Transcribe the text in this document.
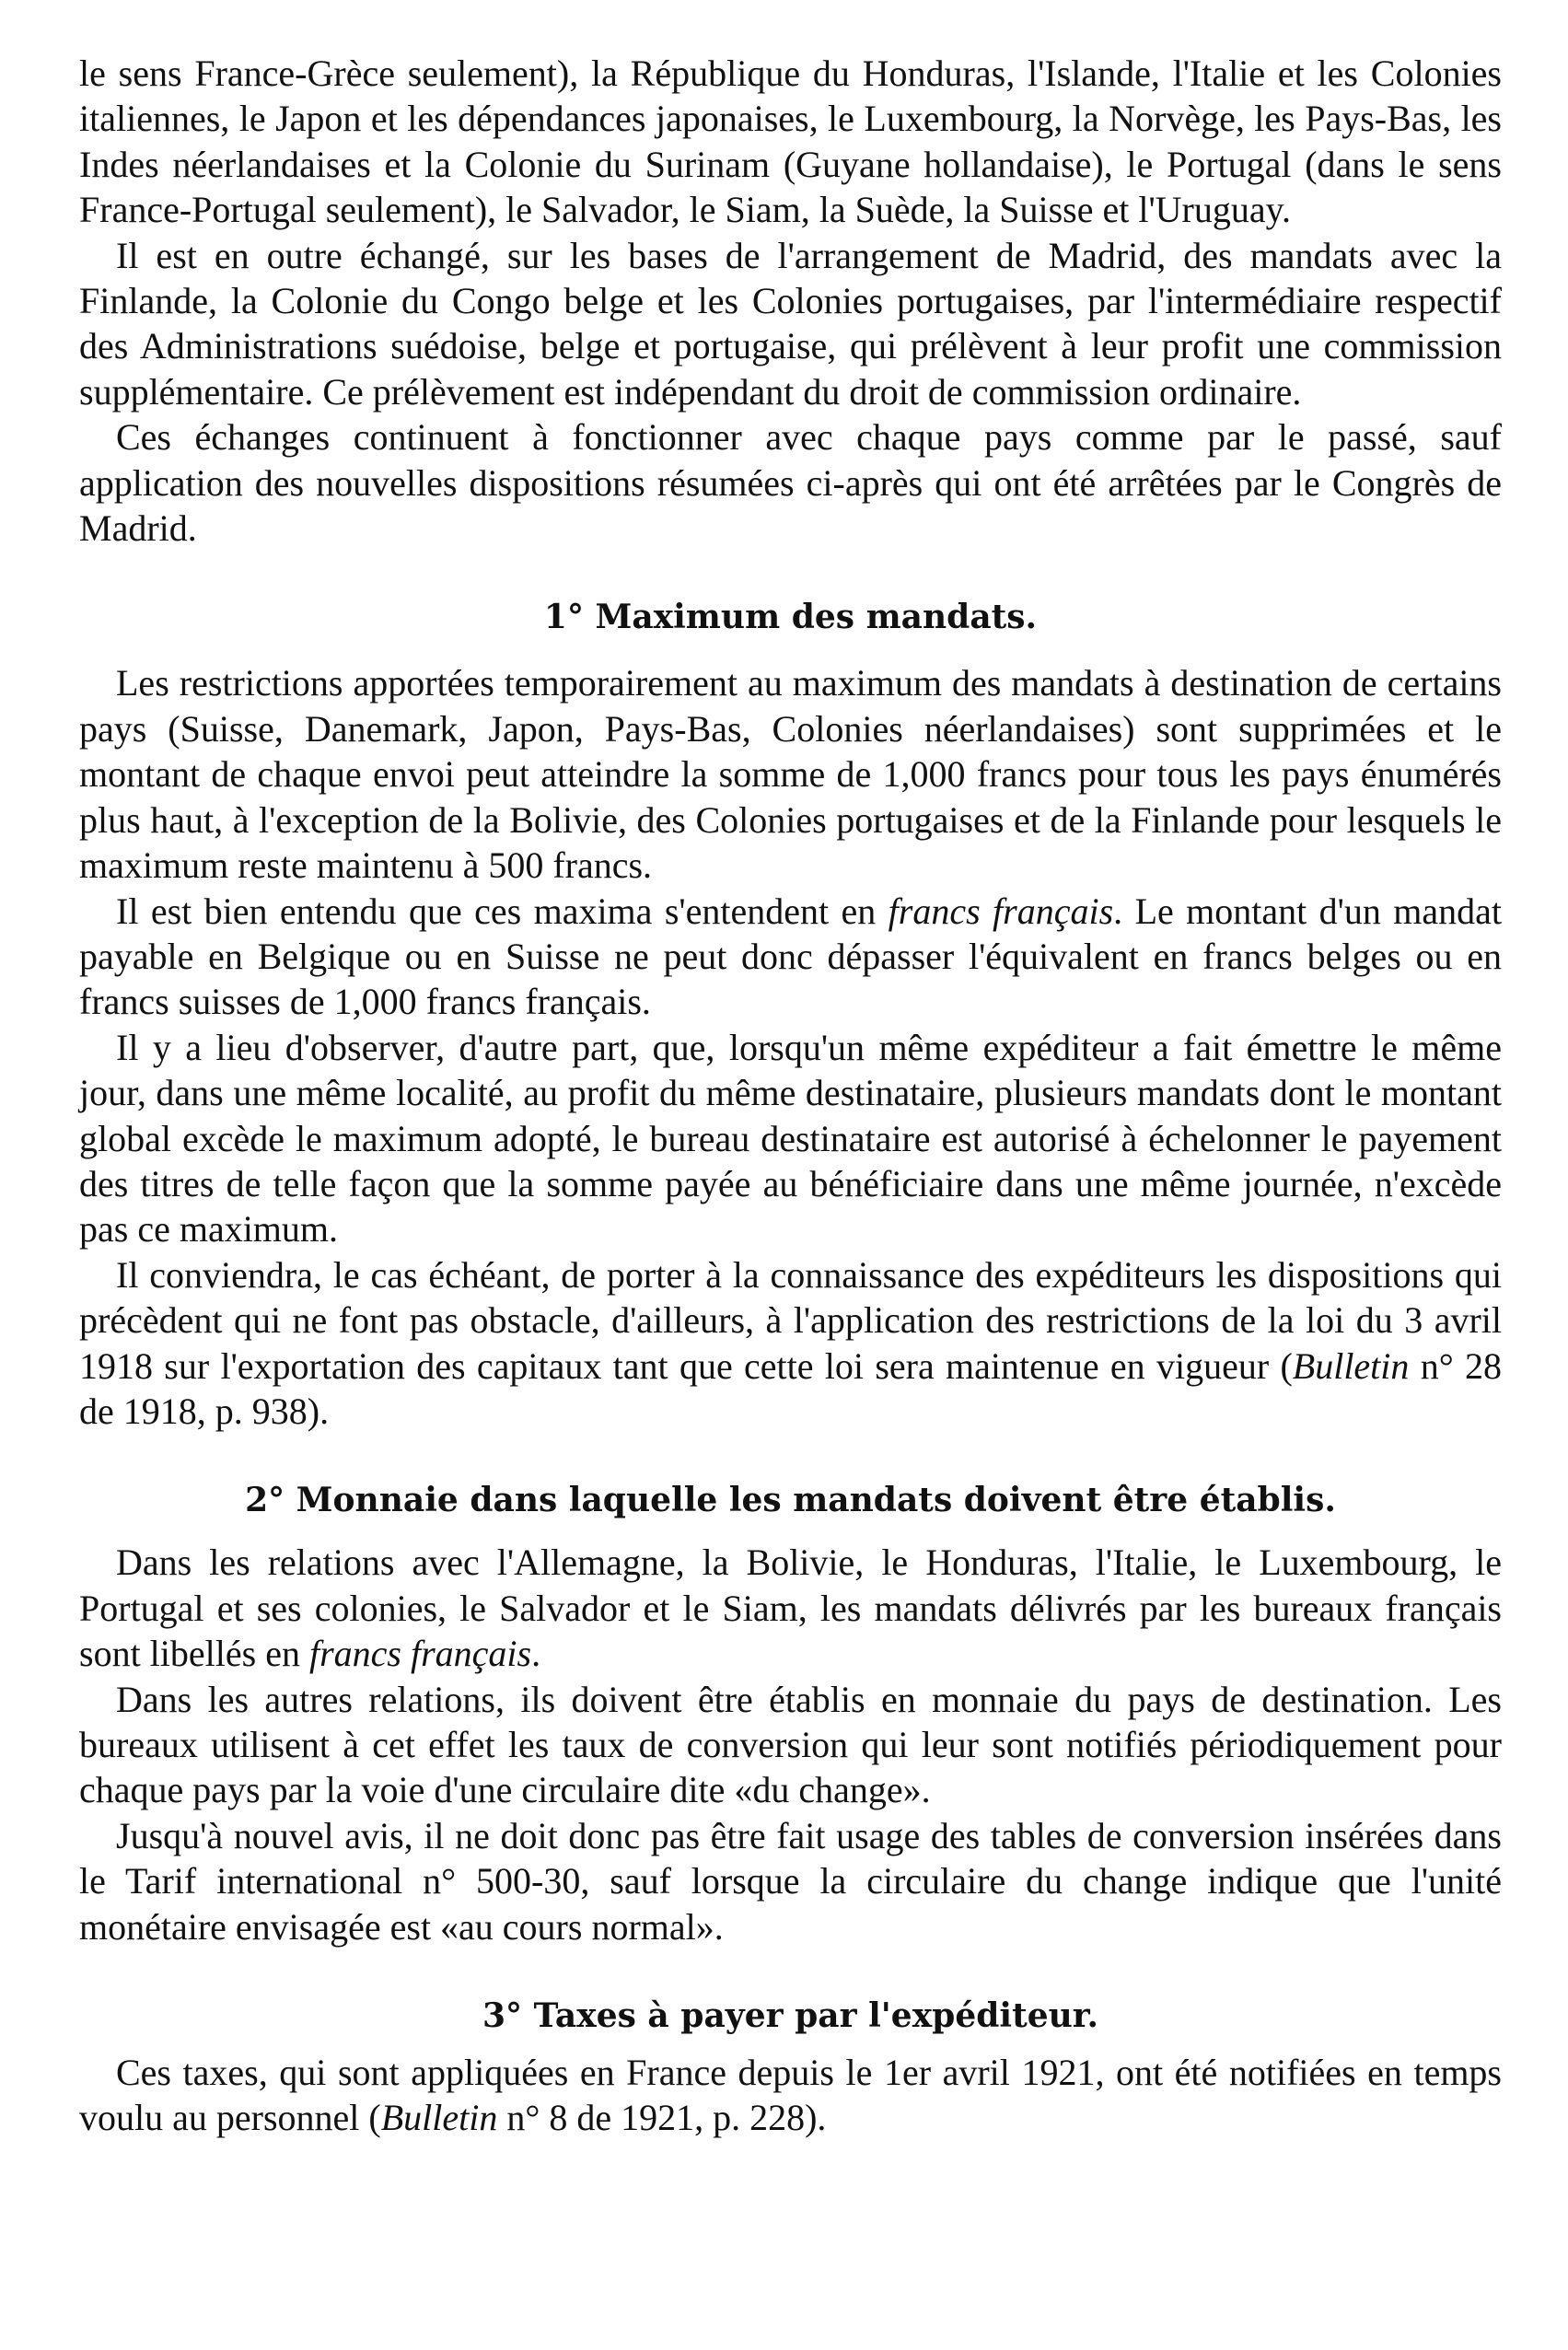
le sens France-Grèce seulement), la République du Honduras, l'Islande, l'Italie et les Colonies italiennes, le Japon et les dépendances japonaises, le Luxembourg, la Norvège, les Pays-Bas, les Indes néerlandaises et la Colonie du Surinam (Guyane hollandaise), le Portugal (dans le sens France-Portugal seulement), le Salvador, le Siam, la Suède, la Suisse et l'Uruguay.

Il est en outre échangé, sur les bases de l'arrangement de Madrid, des mandats avec la Finlande, la Colonie du Congo belge et les Colonies portugaises, par l'intermédiaire respectif des Administrations suédoise, belge et portugaise, qui prélèvent à leur profit une commission supplémentaire. Ce prélèvement est indépendant du droit de commission ordinaire.

Ces échanges continuent à fonctionner avec chaque pays comme par le passé, sauf application des nouvelles dispositions résumées ci-après qui ont été arrêtées par le Congrès de Madrid.

1° Maximum des mandats.

Les restrictions apportées temporairement au maximum des mandats à destination de certains pays (Suisse, Danemark, Japon, Pays-Bas, Colonies néerlandaises) sont supprimées et le montant de chaque envoi peut atteindre la somme de 1,000 francs pour tous les pays énumérés plus haut, à l'exception de la Bolivie, des Colonies portugaises et de la Finlande pour lesquels le maximum reste maintenu à 500 francs.

Il est bien entendu que ces maxima s'entendent en francs français. Le montant d'un mandat payable en Belgique ou en Suisse ne peut donc dépasser l'équivalent en francs belges ou en francs suisses de 1,000 francs français.

Il y a lieu d'observer, d'autre part, que, lorsqu'un même expéditeur a fait émettre le même jour, dans une même localité, au profit du même destinataire, plusieurs mandats dont le montant global excède le maximum adopté, le bureau destinataire est autorisé à échelonner le payement des titres de telle façon que la somme payée au bénéficiaire dans une même journée, n'excède pas ce maximum.

Il conviendra, le cas échéant, de porter à la connaissance des expéditeurs les dispositions qui précèdent qui ne font pas obstacle, d'ailleurs, à l'application des restrictions de la loi du 3 avril 1918 sur l'exportation des capitaux tant que cette loi sera maintenue en vigueur (Bulletin n° 28 de 1918, p. 938).

2° Monnaie dans laquelle les mandats doivent être établis.

Dans les relations avec l'Allemagne, la Bolivie, le Honduras, l'Italie, le Luxembourg, le Portugal et ses colonies, le Salvador et le Siam, les mandats délivrés par les bureaux français sont libellés en francs français.

Dans les autres relations, ils doivent être établis en monnaie du pays de destination. Les bureaux utilisent à cet effet les taux de conversion qui leur sont notifiés périodiquement pour chaque pays par la voie d'une circulaire dite «du change».

Jusqu'à nouvel avis, il ne doit donc pas être fait usage des tables de conversion insérées dans le Tarif international n° 500-30, sauf lorsque la circulaire du change indique que l'unité monétaire envisagée est «au cours normal».

3° Taxes à payer par l'expéditeur.

Ces taxes, qui sont appliquées en France depuis le 1er avril 1921, ont été notifiées en temps voulu au personnel (Bulletin n° 8 de 1921, p. 228).
